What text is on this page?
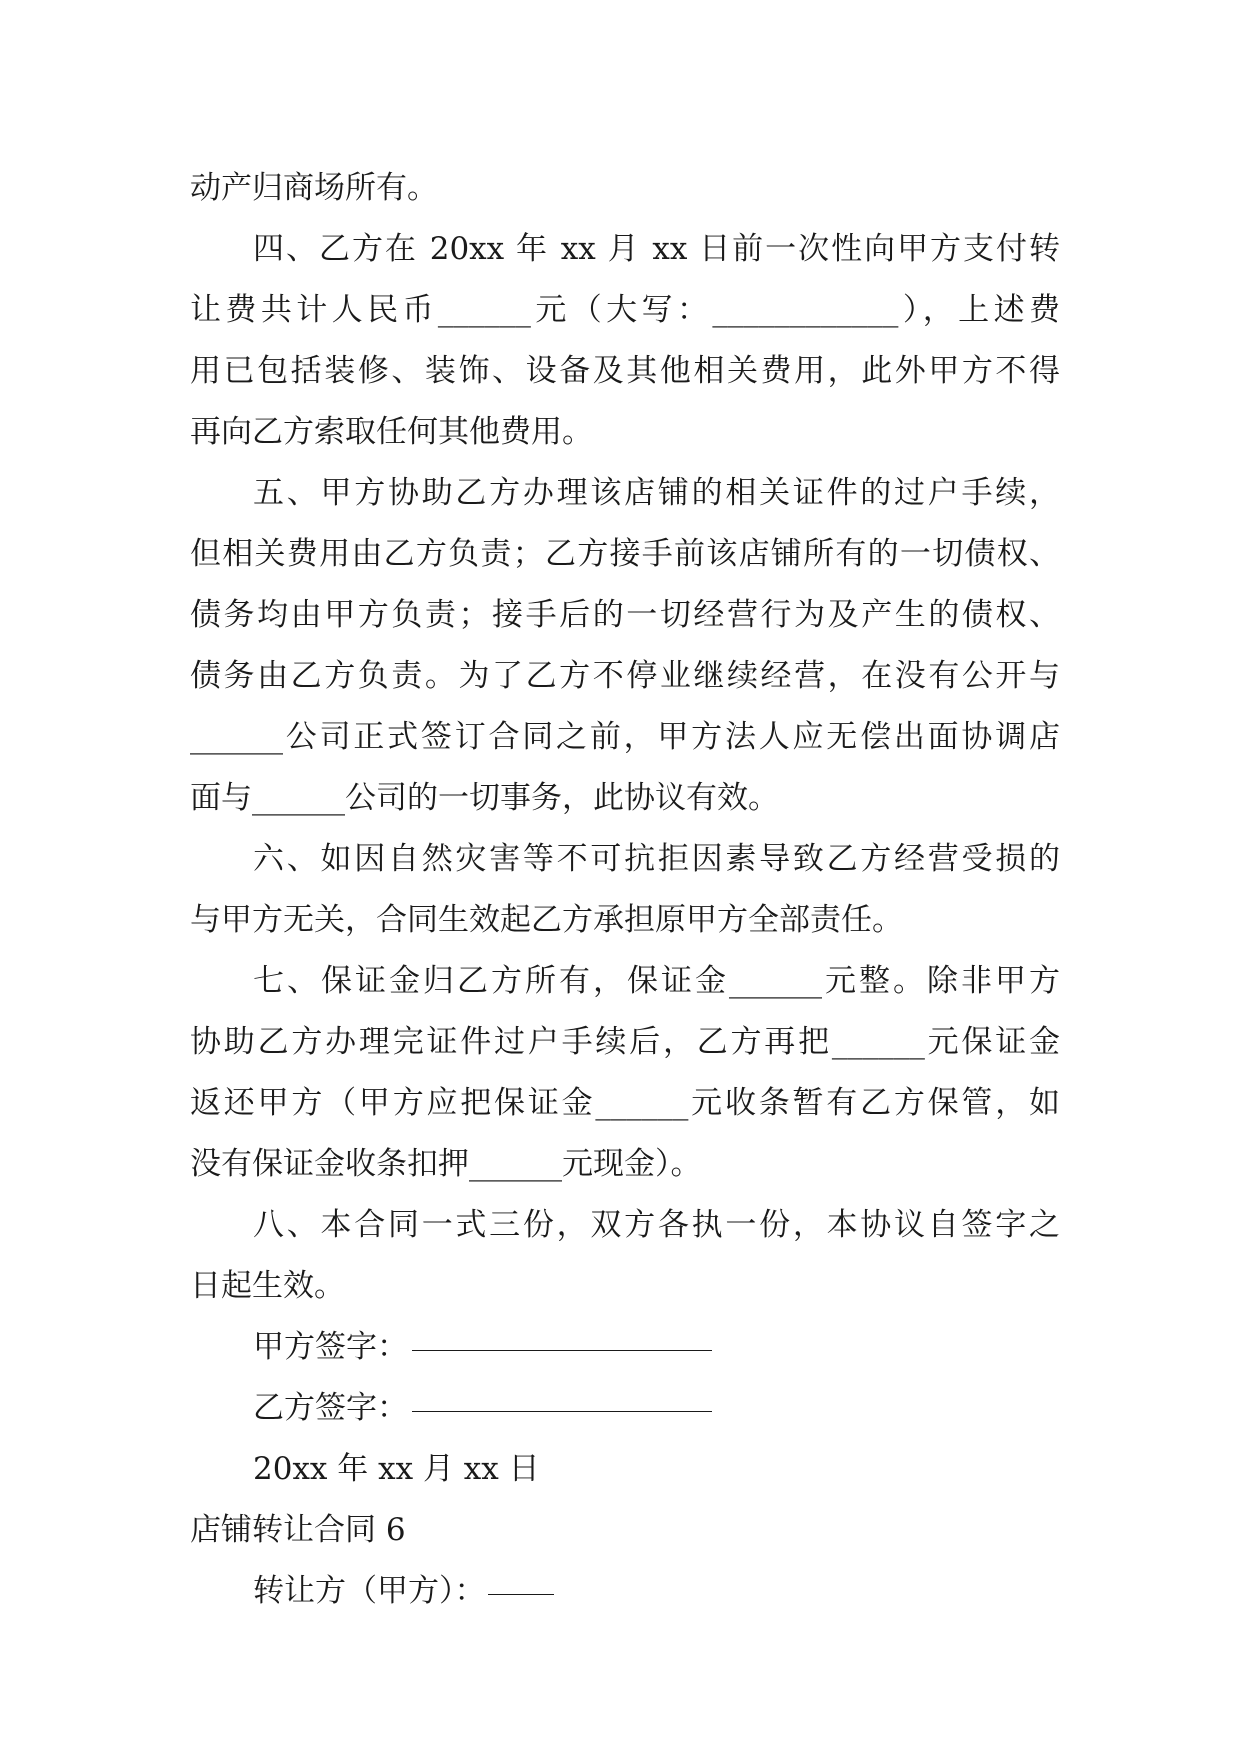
动产归商场所有。
四、乙方在 20xx 年 xx 月 xx 日前一次性向甲方支付转
让费共计人民币______元（大写：____________），上述费
用已包括装修、装饰、设备及其他相关费用，此外甲方不得
再向乙方索取任何其他费用。
五、甲方协助乙方办理该店铺的相关证件的过户手续，
但相关费用由乙方负责；乙方接手前该店铺所有的一切债权、
债务均由甲方负责；接手后的一切经营行为及产生的债权、
债务由乙方负责。为了乙方不停业继续经营，在没有公开与
______公司正式签订合同之前，甲方法人应无偿出面协调店
面与______公司的一切事务，此协议有效。
六、如因自然灾害等不可抗拒因素导致乙方经营受损的
与甲方无关，合同生效起乙方承担原甲方全部责任。
七、保证金归乙方所有，保证金______元整。除非甲方
协助乙方办理完证件过户手续后，乙方再把______元保证金
返还甲方（甲方应把保证金______元收条暂有乙方保管，如
没有保证金收条扣押______元现金）。
八、本合同一式三份，双方各执一份，本协议自签字之
日起生效。
甲方签字：
乙方签字：
20xx 年 xx 月 xx 日
店铺转让合同 6
转让方（甲方）：
